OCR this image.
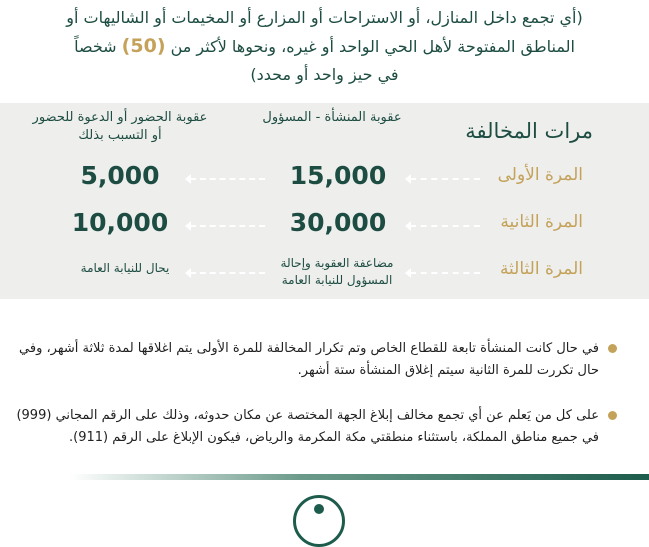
(أي تجمع داخل المنازل، أو الاستراحات أو المزارع أو المخيمات أو الشاليهات أو
المناطق المفتوحة لأهل الحي الواحد أو غيره، ونحوها لأكثر من (50) شخصاً
في حيز واحد أو محدد)
مرات المخالفة
عقوبة المنشأة - المسؤول
عقوبة الحضور أو الدعوة للحضور أو التسبب بذلك
المرة الأولى
15,000
5,000
المرة الثانية
30,000
10,000
المرة الثالثة
مضاعفة العقوبة وإحالة المسؤول للنيابة العامة
يحال للنيابة العامة
في حال كانت المنشأة تابعة للقطاع الخاص وتم تكرار المخالفة للمرة الأولى يتم اغلاقها لمدة ثلاثة أشهر، وفي حال تكررت للمرة الثانية سيتم إغلاق المنشأة ستة أشهر.
على كل من يَعلم عن أي تجمع مخالف إبلاغ الجهة المختصة عن مكان حدوثه، وذلك على الرقم المجاني (999) في جميع مناطق المملكة، باستثناء منطقتي مكة المكرمة والرياض، فيكون الإبلاغ على الرقم (911).
